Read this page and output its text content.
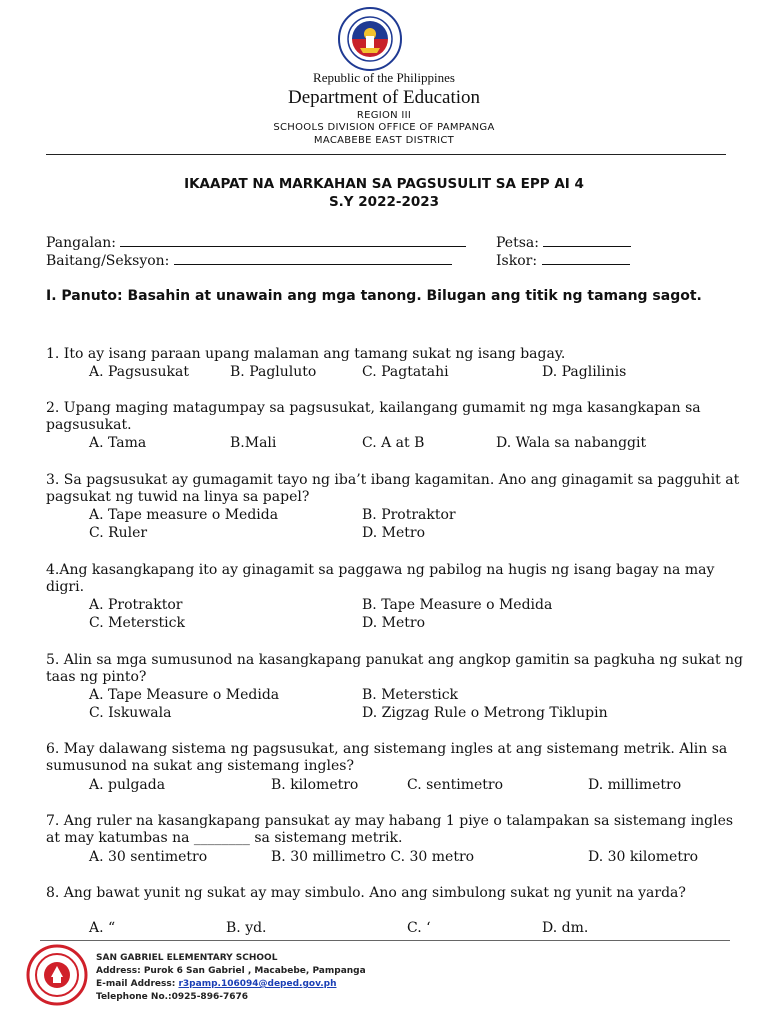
Republic of the Philippines
Department of Education
REGION III
SCHOOLS DIVISION OFFICE OF PAMPANGA
MACABEBE EAST DISTRICT
IKAAPAT NA MARKAHAN SA PAGSUSULIT SA EPP AI 4
S.Y 2022-2023
Pangalan:	Petsa:
Baitang/Seksyon:	Iskor:
I. Panuto: Basahin at unawain ang mga tanong. Bilugan ang titik ng tamang sagot.
1. Ito ay isang paraan upang malaman ang tamang sukat ng isang bagay.
A. Pagsusukat	B. Pagluluto	C. Pagtatahi	D. Paglilinis
2. Upang maging matagumpay sa pagsusukat, kailangang gumamit ng mga kasangkapan sa pagsusukat.
A. Tama	B.Mali	C. A at B	D. Wala sa nabanggit
3. Sa pagsusukat ay gumagamit tayo ng iba’t ibang kagamitan. Ano ang ginagamit sa pagguhit at pagsukat ng tuwid na linya sa papel?
A. Tape measure o Medida	B. Protraktor
C. Ruler	D. Metro
4.Ang kasangkapang ito ay ginagamit sa paggawa ng pabilog na hugis ng isang bagay na may digri.
A. Protraktor	B. Tape Measure o Medida
C. Meterstick	D. Metro
5. Alin sa mga sumusunod na kasangkapang panukat ang angkop gamitin sa pagkuha ng sukat ng taas ng pinto?
A. Tape Measure o Medida	B. Meterstick
C. Iskuwala	D. Zigzag Rule o Metrong Tiklupin
6. May dalawang sistema ng pagsusukat, ang sistemang ingles at ang sistemang metrik. Alin sa sumusunod na sukat ang sistemang ingles?
A. pulgada	B. kilometro	C. sentimetro	D. millimetro
7. Ang ruler na kasangkapang pansukat ay may habang 1 piye o talampakan sa sistemang ingles at may katumbas na ________ sa sistemang metrik.
A. 30 sentimetro	B. 30 millimetro C. 30 metro	D. 30 kilometro
8. Ang bawat yunit ng sukat ay may simbulo. Ano ang simbulong sukat ng yunit na yarda?
A. “	B. yd.	C. ‘	D. dm.
SAN GABRIEL ELEMENTARY SCHOOL
Address: Purok 6 San Gabriel , Macabebe, Pampanga
E-mail Address: r3pamp.106094@deped.gov.ph
Telephone No.:0925-896-7676
